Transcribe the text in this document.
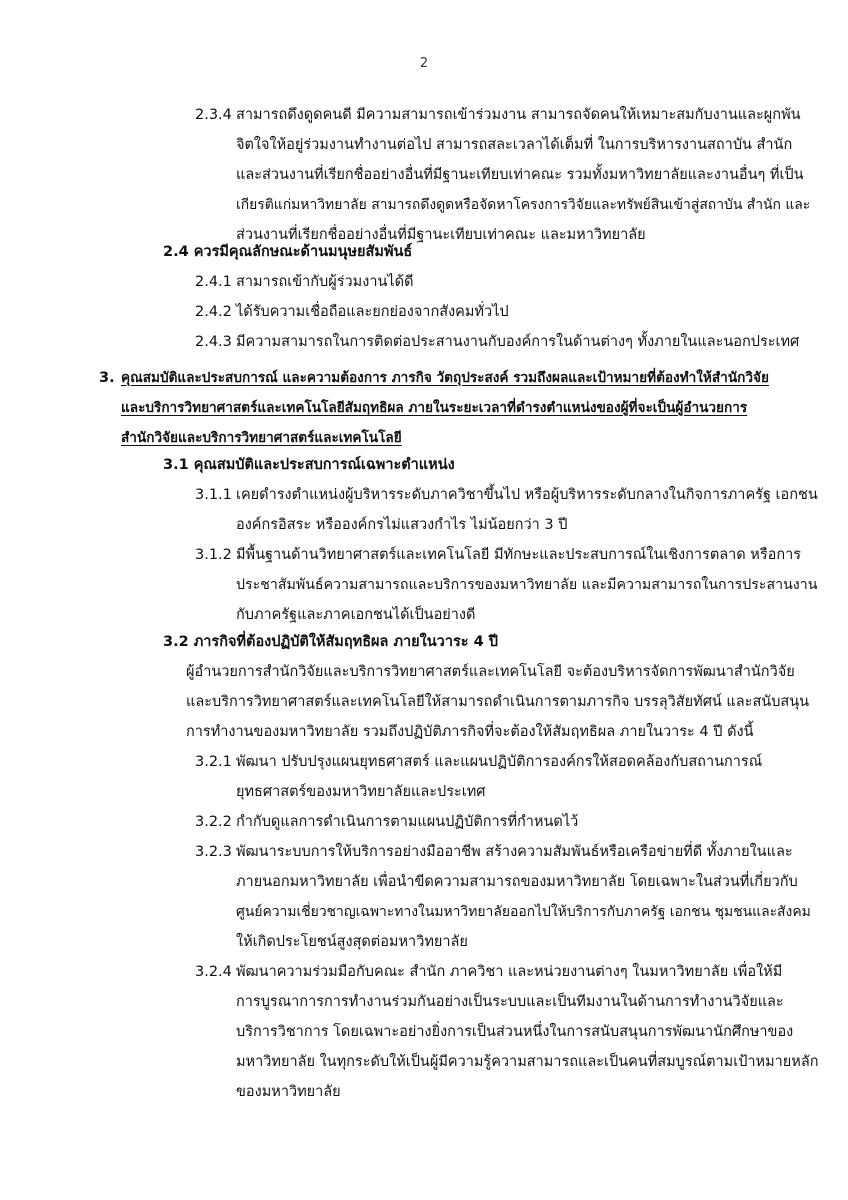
2
2.3.4 สามารถดึงดูดคนดี มีความสามารถเข้าร่วมงาน สามารถจัดคนให้เหมาะสมกับงานและผูกพัน
จิตใจให้อยู่ร่วมงานทำงานต่อไป สามารถสละเวลาได้เต็มที่ ในการบริหารงานสถาบัน สำนัก
และส่วนงานที่เรียกชื่ออย่างอื่นที่มีฐานะเทียบเท่าคณะ รวมทั้งมหาวิทยาลัยและงานอื่นๆ ที่เป็น
เกียรติแก่มหาวิทยาลัย สามารถดึงดูดหรือจัดหาโครงการวิจัยและทรัพย์สินเข้าสู่สถาบัน สำนัก และ
ส่วนงานที่เรียกชื่ออย่างอื่นที่มีฐานะเทียบเท่าคณะ และมหาวิทยาลัย
2.4 ควรมีคุณลักษณะด้านมนุษยสัมพันธ์
2.4.1 สามารถเข้ากับผู้ร่วมงานได้ดี
2.4.2 ได้รับความเชื่อถือและยกย่องจากสังคมทั่วไป
2.4.3 มีความสามารถในการติดต่อประสานงานกับองค์การในด้านต่างๆ ทั้งภายในและนอกประเทศ
3. คุณสมบัติและประสบการณ์ และความต้องการ ภารกิจ วัตถุประสงค์ รวมถึงผลและเป้าหมายที่ต้องทำให้สำนักวิจัย
และบริการวิทยาศาสตร์และเทคโนโลยีสัมฤทธิผล ภายในระยะเวลาที่ดำรงตำแหน่งของผู้ที่จะเป็นผู้อำนวยการ
สำนักวิจัยและบริการวิทยาศาสตร์และเทคโนโลยี
3.1 คุณสมบัติและประสบการณ์เฉพาะตำแหน่ง
3.1.1 เคยดำรงตำแหน่งผู้บริหารระดับภาควิชาขึ้นไป หรือผู้บริหารระดับกลางในกิจการภาครัฐ เอกชน
องค์กรอิสระ หรือองค์กรไม่แสวงกำไร ไม่น้อยกว่า 3 ปี
3.1.2 มีพื้นฐานด้านวิทยาศาสตร์และเทคโนโลยี มีทักษะและประสบการณ์ในเชิงการตลาด หรือการ
ประชาสัมพันธ์ความสามารถและบริการของมหาวิทยาลัย และมีความสามารถในการประสานงาน
กับภาครัฐและภาคเอกชนได้เป็นอย่างดี
3.2 ภารกิจที่ต้องปฏิบัติให้สัมฤทธิผล ภายในวาระ 4 ปี
ผู้อำนวยการสำนักวิจัยและบริการวิทยาศาสตร์และเทคโนโลยี จะต้องบริหารจัดการพัฒนาสำนักวิจัย
และบริการวิทยาศาสตร์และเทคโนโลยีให้สามารถดำเนินการตามภารกิจ บรรลุวิสัยทัศน์ และสนับสนุน
การทำงานของมหาวิทยาลัย รวมถึงปฏิบัติภารกิจที่จะต้องให้สัมฤทธิผล ภายในวาระ 4 ปี ดังนี้
3.2.1 พัฒนา ปรับปรุงแผนยุทธศาสตร์ และแผนปฏิบัติการองค์กรให้สอดคล้องกับสถานการณ์
ยุทธศาสตร์ของมหาวิทยาลัยและประเทศ
3.2.2 กำกับดูแลการดำเนินการตามแผนปฏิบัติการที่กำหนดไว้
3.2.3 พัฒนาระบบการให้บริการอย่างมืออาชีพ สร้างความสัมพันธ์หรือเครือข่ายที่ดี ทั้งภายในและ
ภายนอกมหาวิทยาลัย เพื่อนำขีดความสามารถของมหาวิทยาลัย โดยเฉพาะในส่วนที่เกี่ยวกับ
ศูนย์ความเชี่ยวชาญเฉพาะทางในมหาวิทยาลัยออกไปให้บริการกับภาครัฐ เอกชน ชุมชนและสังคม
ให้เกิดประโยชน์สูงสุดต่อมหาวิทยาลัย
3.2.4 พัฒนาความร่วมมือกับคณะ สำนัก ภาควิชา และหน่วยงานต่างๆ ในมหาวิทยาลัย เพื่อให้มี
การบูรณาการการทำงานร่วมกันอย่างเป็นระบบและเป็นทีมงานในด้านการทำงานวิจัยและ
บริการวิชาการ โดยเฉพาะอย่างยิ่งการเป็นส่วนหนึ่งในการสนับสนุนการพัฒนานักศึกษาของ
มหาวิทยาลัย ในทุกระดับให้เป็นผู้มีความรู้ความสามารถและเป็นคนที่สมบูรณ์ตามเป้าหมายหลัก
ของมหาวิทยาลัย
